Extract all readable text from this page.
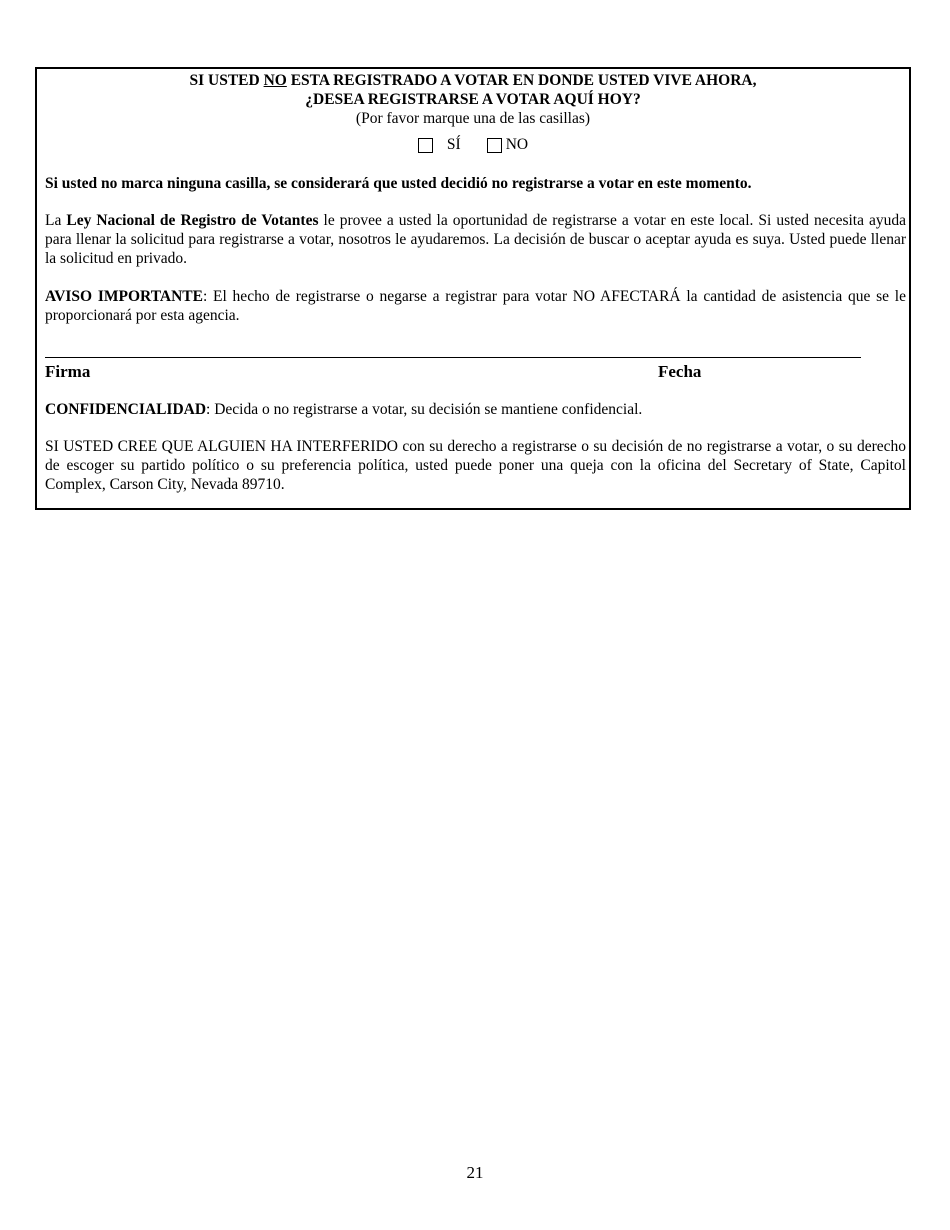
SI USTED NO ESTA REGISTRADO A VOTAR EN DONDE USTED VIVE AHORA,
¿DESEA REGISTRARSE A VOTAR AQUÍ HOY?
(Por favor marque una de las casillas)
SÍ	NO

Si usted no marca ninguna casilla, se considerará que usted decidió no registrarse a votar en este momento.

La Ley Nacional de Registro de Votantes le provee a usted la oportunidad de registrarse a votar en este local. Si usted necesita ayuda para llenar la solicitud para registrarse a votar, nosotros le ayudaremos. La decisión de buscar o aceptar ayuda es suya. Usted puede llenar la solicitud en privado.

AVISO IMPORTANTE: El hecho de registrarse o negarse a registrar para votar NO AFECTARÁ la cantidad de asistencia que se le proporcionará por esta agencia.

Firma	Fecha

CONFIDENCIALIDAD: Decida o no registrarse a votar, su decisión se mantiene confidencial.

SI USTED CREE QUE ALGUIEN HA INTERFERIDO con su derecho a registrarse o su decisión de no registrarse a votar, o su derecho de escoger su partido político o su preferencia política, usted puede poner una queja con la oficina del Secretary of State, Capitol Complex, Carson City, Nevada 89710.

21
